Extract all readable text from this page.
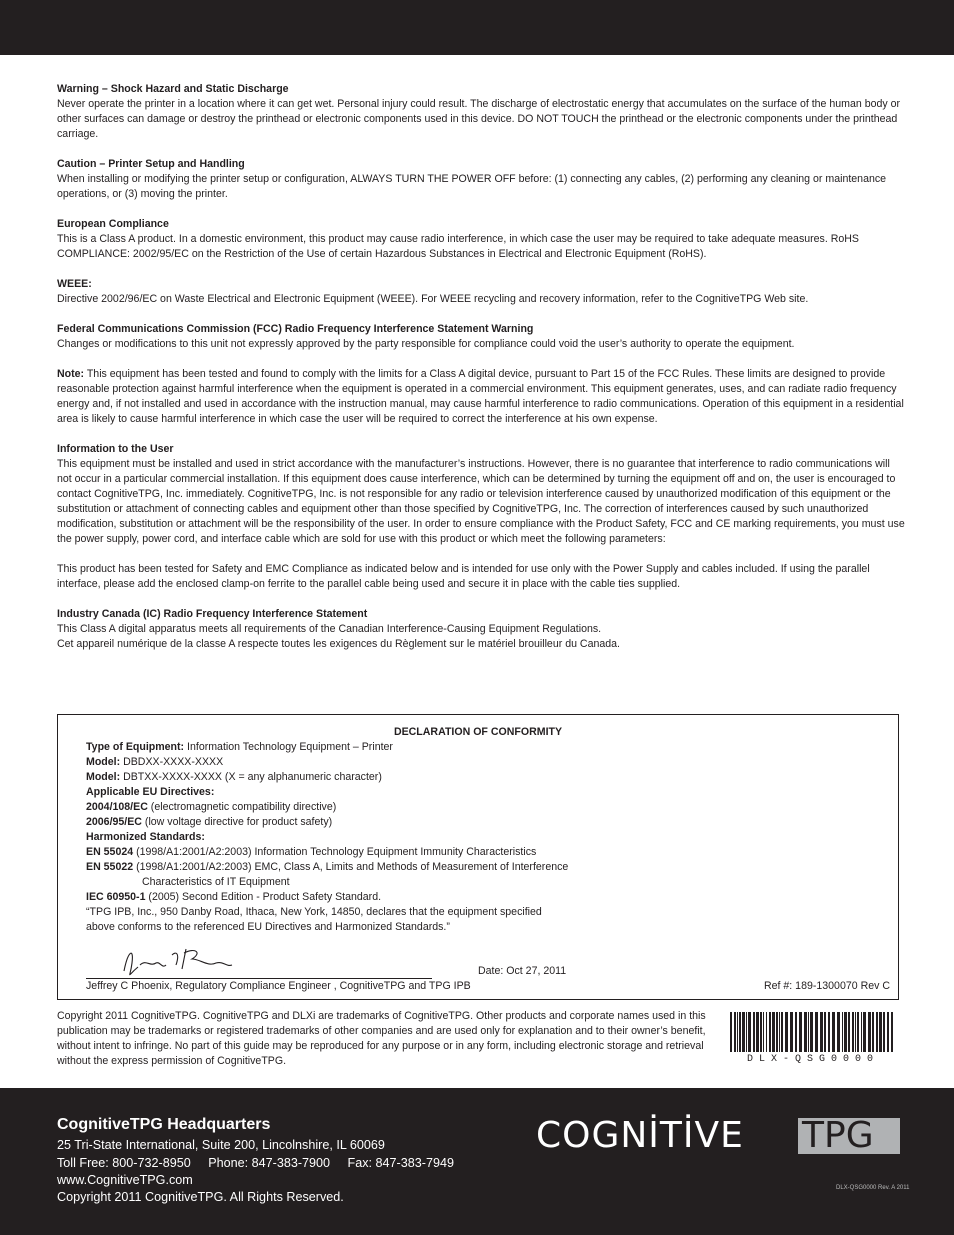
Warning – Shock Hazard and Static Discharge

Never operate the printer in a location where it can get wet. Personal injury could result. The discharge of electrostatic energy that accumulates on the surface of the human body or other surfaces can damage or destroy the printhead or electronic components used in this device. DO NOT TOUCH the printhead or the electronic components under the printhead carriage.

Caution – Printer Setup and Handling

When installing or modifying the printer setup or configuration, ALWAYS TURN THE POWER OFF before: (1) connecting any cables, (2) performing any cleaning or maintenance operations, or (3) moving the printer.

European Compliance

This is a Class A product. In a domestic environment, this product may cause radio interference, in which case the user may be required to take adequate measures. RoHS COMPLIANCE: 2002/95/EC on the Restriction of the Use of certain Hazardous Substances in Electrical and Electronic Equipment (RoHS).

WEEE:

Directive 2002/96/EC on Waste Electrical and Electronic Equipment (WEEE). For WEEE recycling and recovery information, refer to the CognitiveTPG Web site.

Federal Communications Commission (FCC) Radio Frequency Interference Statement Warning

Changes or modifications to this unit not expressly approved by the party responsible for compliance could void the user’s authority to operate the equipment.

Note: This equipment has been tested and found to comply with the limits for a Class A digital device, pursuant to Part 15 of the FCC Rules. These limits are designed to provide reasonable protection against harmful interference when the equipment is operated in a commercial environment. This equipment generates, uses, and can radiate radio frequency energy and, if not installed and used in accordance with the instruction manual, may cause harmful interference to radio communications. Operation of this equipment in a residential area is likely to cause harmful interference in which case the user will be required to correct the interference at his own expense.

Information to the User

This equipment must be installed and used in strict accordance with the manufacturer’s instructions. However, there is no guarantee that interference to radio communications will not occur in a particular commercial installation. If this equipment does cause interference, which can be determined by turning the equipment off and on, the user is encouraged to contact CognitiveTPG, Inc. immediately. CognitiveTPG, Inc. is not responsible for any radio or television interference caused by unauthorized modification of this equipment or the substitution or attachment of connecting cables and equipment other than those specified by CognitiveTPG, Inc. The correction of interferences caused by such unauthorized modification, substitution or attachment will be the responsibility of the user. In order to ensure compliance with the Product Safety, FCC and CE marking requirements, you must use the power supply, power cord, and interface cable which are sold for use with this product or which meet the following parameters:

This product has been tested for Safety and EMC Compliance as indicated below and is intended for use only with the Power Supply and cables included. If using the parallel interface, please add the enclosed clamp-on ferrite to the parallel cable being used and secure it in place with the cable ties supplied.

Industry Canada (IC) Radio Frequency Interference Statement

This Class A digital apparatus meets all requirements of the Canadian Interference-Causing Equipment Regulations.
Cet appareil numérique de la classe A respecte toutes les exigences du Règlement sur le matériel brouilleur du Canada.

DECLARATION OF CONFORMITY
Type of Equipment: Information Technology Equipment – Printer
Model: DBDXX-XXXX-XXXX
Model: DBTXX-XXXX-XXXX (X = any alphanumeric character)
Applicable EU Directives:
2004/108/EC (electromagnetic compatibility directive)
2006/95/EC (low voltage directive for product safety)
Harmonized Standards:
EN 55024 (1998/A1:2001/A2:2003) Information Technology Equipment Immunity Characteristics
EN 55022 (1998/A1:2001/A2:2003) EMC, Class A, Limits and Methods of Measurement of Interference
Characteristics of IT Equipment
IEC 60950-1 (2005) Second Edition - Product Safety Standard.
“TPG IPB, Inc., 950 Danby Road, Ithaca, New York, 14850, declares that the equipment specified
above conforms to the referenced EU Directives and Harmonized Standards.”
Date: Oct 27, 2011
Jeffrey C Phoenix, Regulatory Compliance Engineer , CognitiveTPG and TPG IPB	Ref #: 189-1300070 Rev C
Copyright 2011 CognitiveTPG. CognitiveTPG and DLXi are trademarks of CognitiveTPG. Other products and corporate names used in this publication may be trademarks or registered trademarks of other companies and are used only for explanation and to their owner’s benefit, without intent to infringe. No part of this guide may be reproduced for any purpose or in any form, including electronic storage and retrieval without the express permission of CognitiveTPG.	DLX-QSG0000
CognitiveTPG Headquarters
25 Tri-State International, Suite 200, Lincolnshire, IL 60069
Toll Free: 800-732-8950     Phone: 847-383-7900     Fax: 847-383-7949
www.CognitiveTPG.com
Copyright 2011 CognitiveTPG. All Rights Reserved.
COGNİTİVE TPG
DLX-QSG0000 Rev. A 2011
